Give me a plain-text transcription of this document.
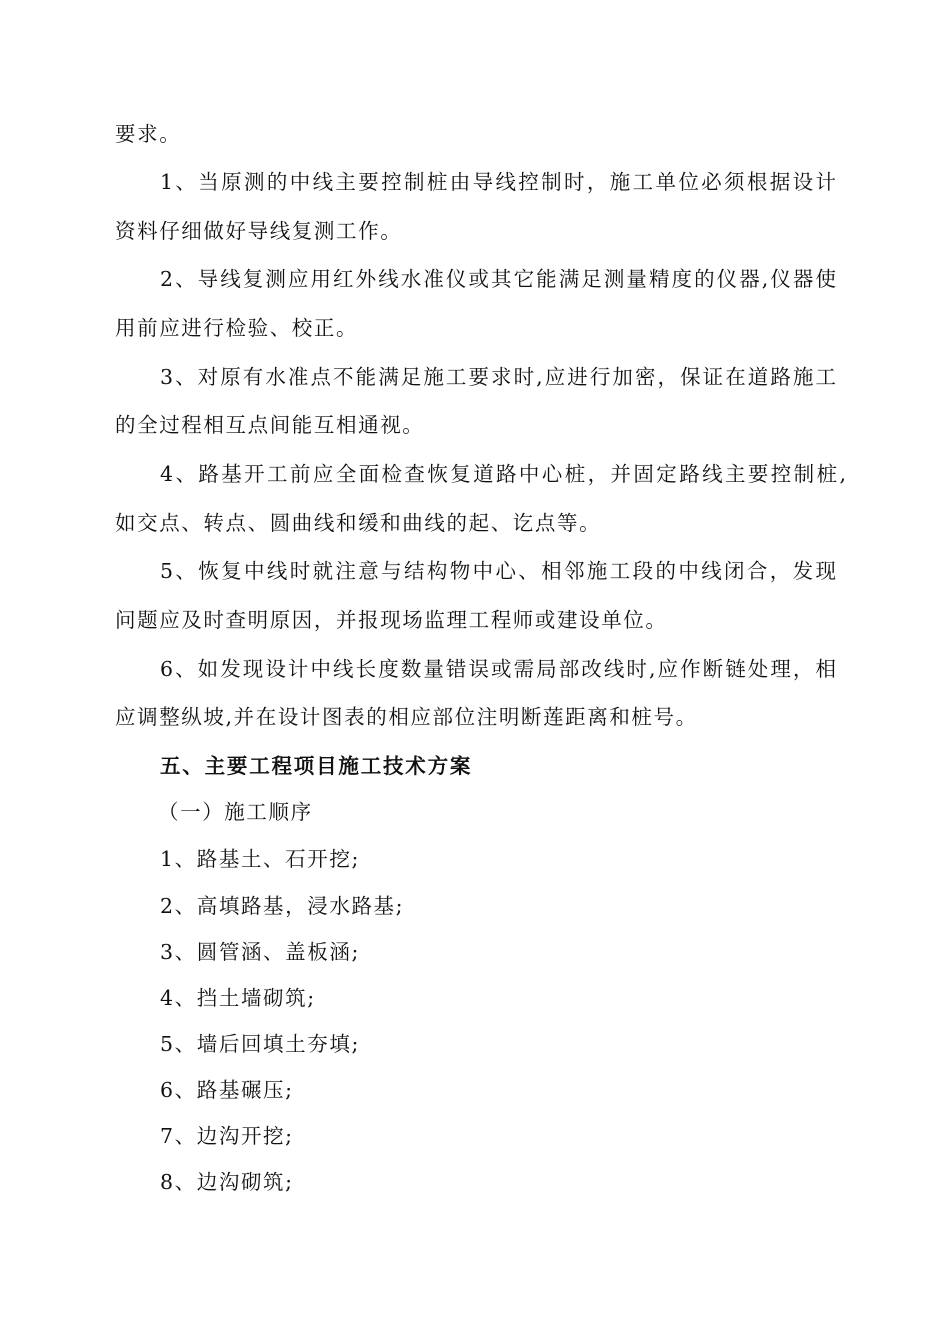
要求。
1、当原测的中线主要控制桩由导线控制时，施工单位必须根据设计
资料仔细做好导线复测工作。
2、导线复测应用红外线水准仪或其它能满足测量精度的仪器,仪器使
用前应进行检验、校正。
3、对原有水准点不能满足施工要求时,应进行加密，保证在道路施工
的全过程相互点间能互相通视。
4、路基开工前应全面检查恢复道路中心桩，并固定路线主要控制桩,
如交点、转点、圆曲线和缓和曲线的起、讫点等。
5、恢复中线时就注意与结构物中心、相邻施工段的中线闭合，发现
问题应及时查明原因，并报现场监理工程师或建设单位。
6、如发现设计中线长度数量错误或需局部改线时,应作断链处理，相
应调整纵坡,并在设计图表的相应部位注明断莲距离和桩号。
五、主要工程项目施工技术方案
（一）施工顺序
1、路基土、石开挖;
2、高填路基，浸水路基;
3、圆管涵、盖板涵;
4、挡土墙砌筑;
5、墙后回填土夯填;
6、路基碾压;
7、边沟开挖;
8、边沟砌筑;
